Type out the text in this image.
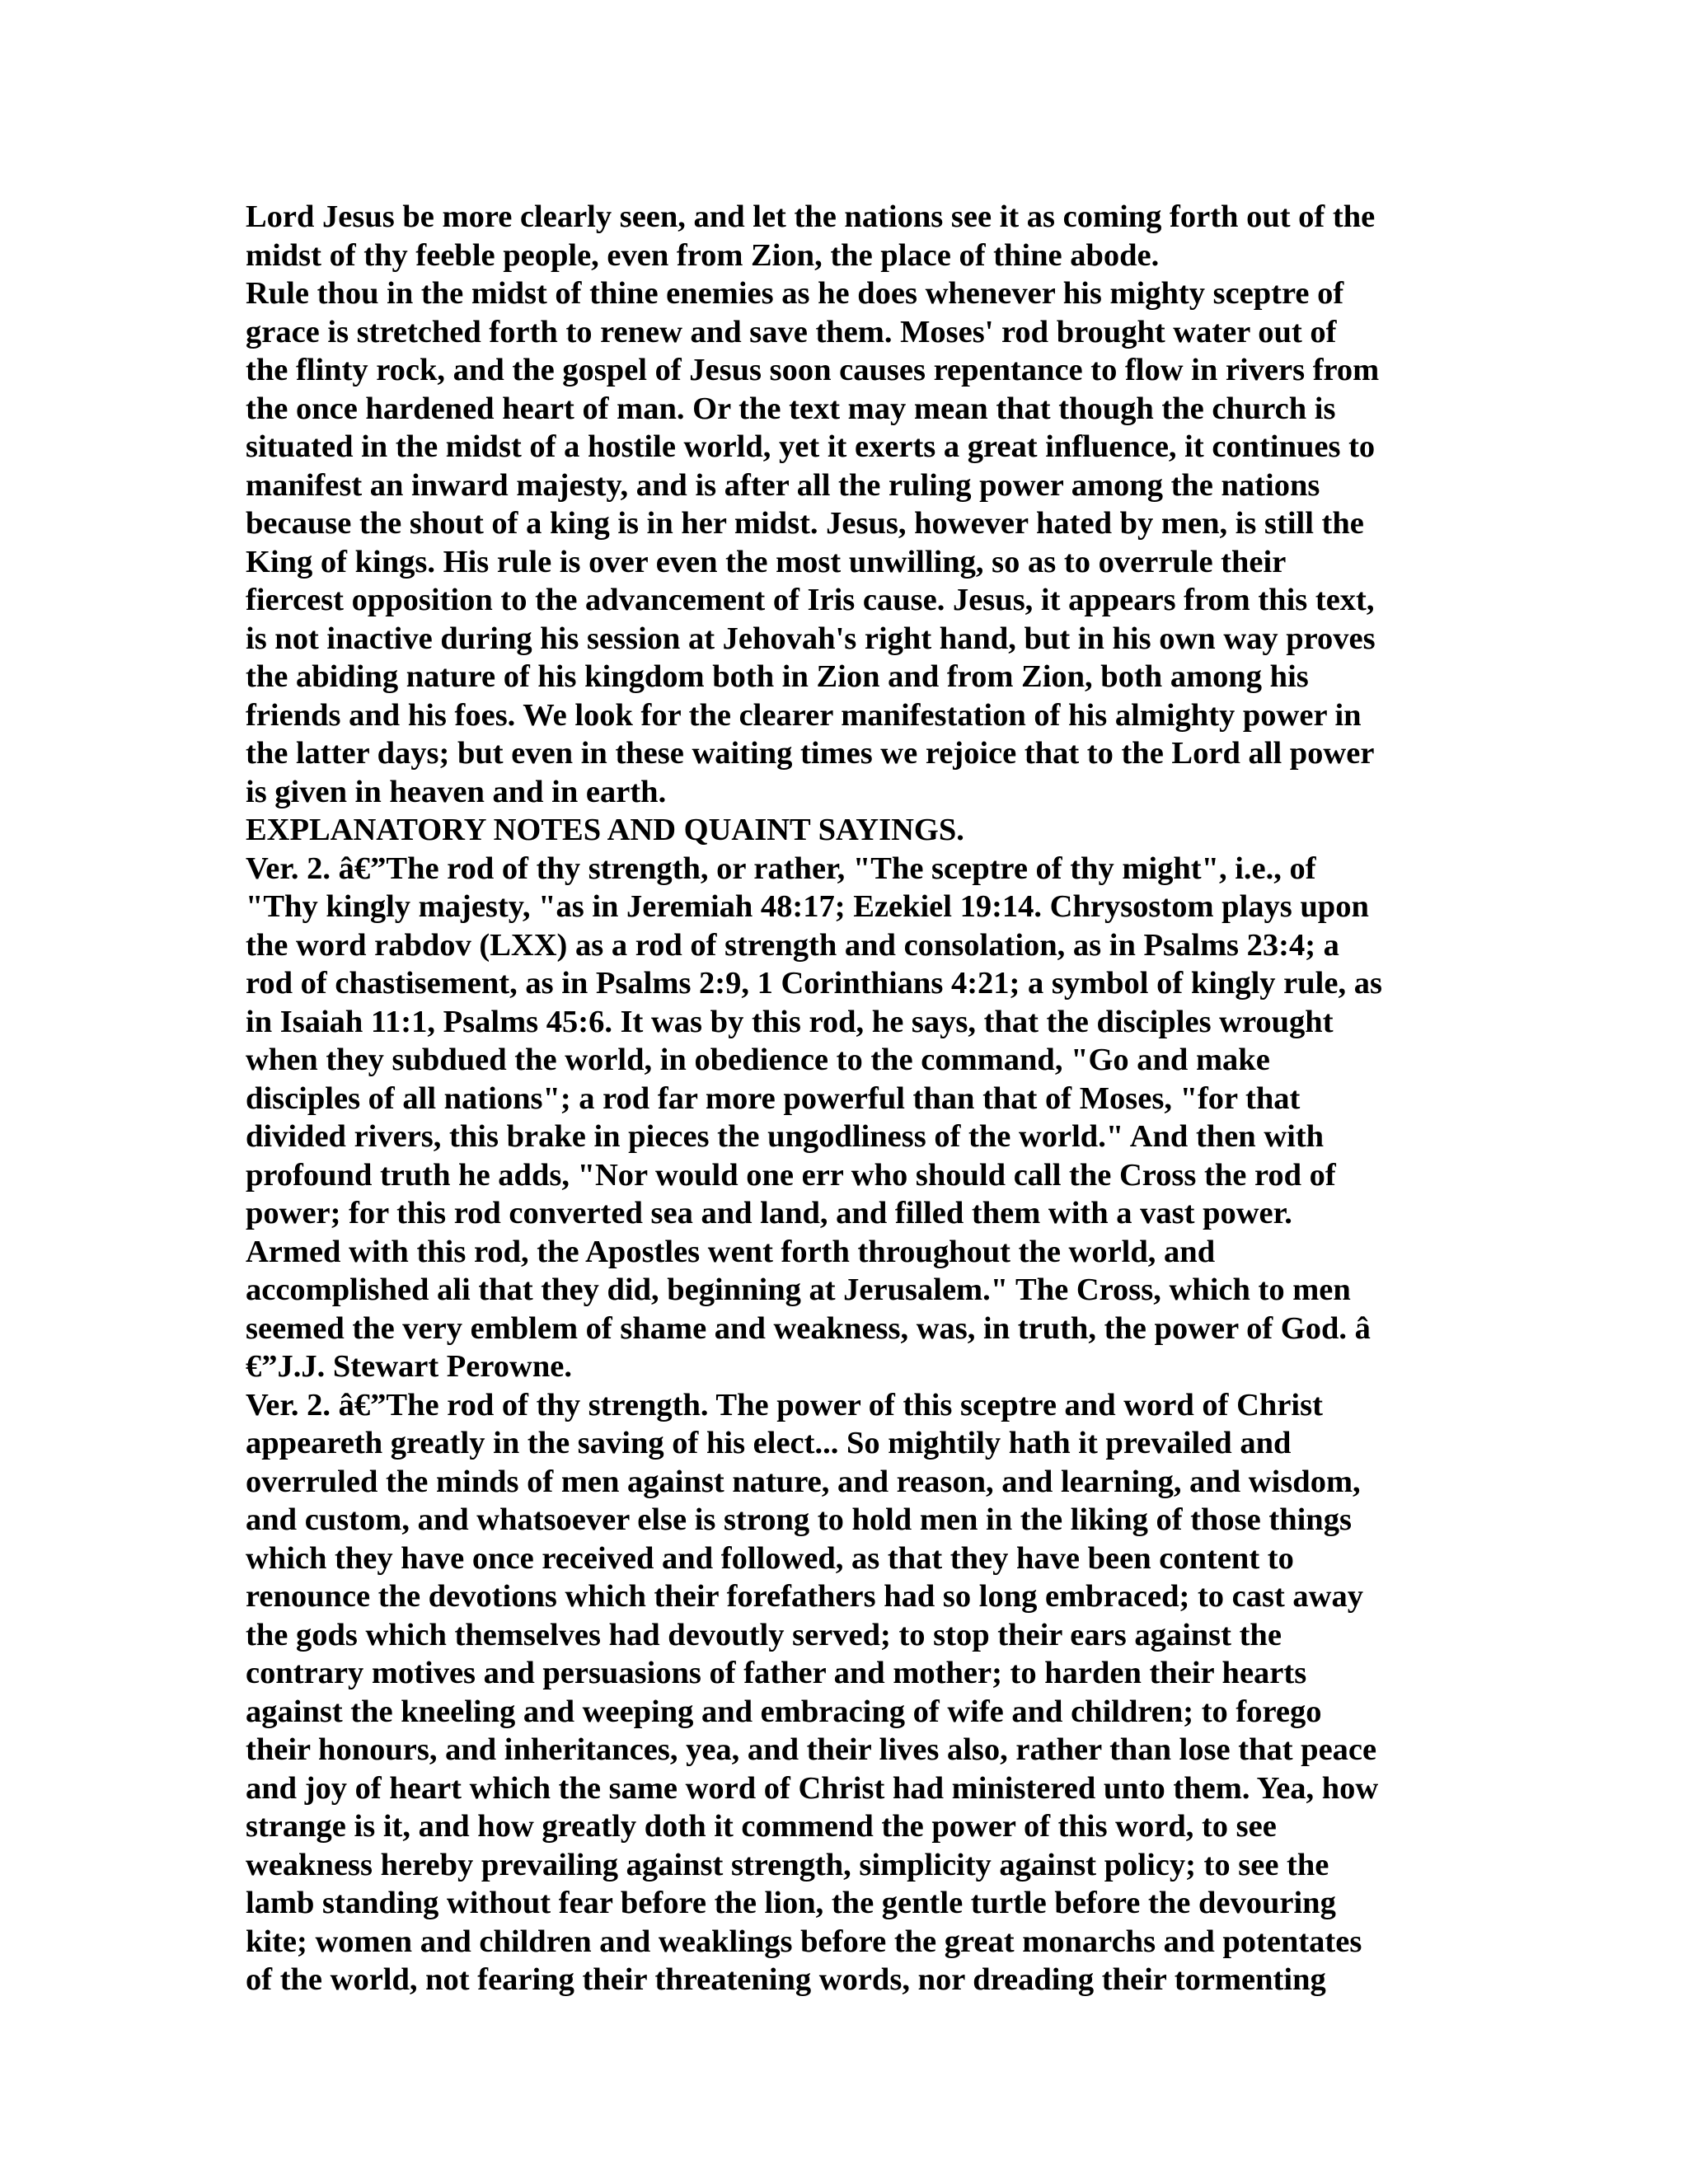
Lord Jesus be more clearly seen, and let the nations see it as coming forth out of the
midst of thy feeble people, even from Zion, the place of thine abode.
Rule thou in the midst of thine enemies as he does whenever his mighty sceptre of
grace is stretched forth to renew and save them. Moses' rod brought water out of
the flinty rock, and the gospel of Jesus soon causes repentance to flow in rivers from
the once hardened heart of man. Or the text may mean that though the church is
situated in the midst of a hostile world, yet it exerts a great influence, it continues to
manifest an inward majesty, and is after all the ruling power among the nations
because the shout of a king is in her midst. Jesus, however hated by men, is still the
King of kings. His rule is over even the most unwilling, so as to overrule their
fiercest opposition to the advancement of Iris cause. Jesus, it appears from this text,
is not inactive during his session at Jehovah's right hand, but in his own way proves
the abiding nature of his kingdom both in Zion and from Zion, both among his
friends and his foes. We look for the clearer manifestation of his almighty power in
the latter days; but even in these waiting times we rejoice that to the Lord all power
is given in heaven and in earth.
EXPLANATORY NOTES AND QUAINT SAYINGS.
Ver. 2. â€”The rod of thy strength, or rather, "The sceptre of thy might", i.e., of
"Thy kingly majesty, "as in Jeremiah 48:17; Ezekiel 19:14. Chrysostom plays upon
the word rabdov (LXX) as a rod of strength and consolation, as in Psalms 23:4; a
rod of chastisement, as in Psalms 2:9, 1 Corinthians 4:21; a symbol of kingly rule, as
in Isaiah 11:1, Psalms 45:6. It was by this rod, he says, that the disciples wrought
when they subdued the world, in obedience to the command, "Go and make
disciples of all nations"; a rod far more powerful than that of Moses, "for that
divided rivers, this brake in pieces the ungodliness of the world." And then with
profound truth he adds, "Nor would one err who should call the Cross the rod of
power; for this rod converted sea and land, and filled them with a vast power.
Armed with this rod, the Apostles went forth throughout the world, and
accomplished ali that they did, beginning at Jerusalem." The Cross, which to men
seemed the very emblem of shame and weakness, was, in truth, the power of God. â
€”J.J. Stewart Perowne.
Ver. 2. â€”The rod of thy strength. The power of this sceptre and word of Christ
appeareth greatly in the saving of his elect... So mightily hath it prevailed and
overruled the minds of men against nature, and reason, and learning, and wisdom,
and custom, and whatsoever else is strong to hold men in the liking of those things
which they have once received and followed, as that they have been content to
renounce the devotions which their forefathers had so long embraced; to cast away
the gods which themselves had devoutly served; to stop their ears against the
contrary motives and persuasions of father and mother; to harden their hearts
against the kneeling and weeping and embracing of wife and children; to forego
their honours, and inheritances, yea, and their lives also, rather than lose that peace
and joy of heart which the same word of Christ had ministered unto them. Yea, how
strange is it, and how greatly doth it commend the power of this word, to see
weakness hereby prevailing against strength, simplicity against policy; to see the
lamb standing without fear before the lion, the gentle turtle before the devouring
kite; women and children and weaklings before the great monarchs and potentates
of the world, not fearing their threatening words, nor dreading their tormenting
